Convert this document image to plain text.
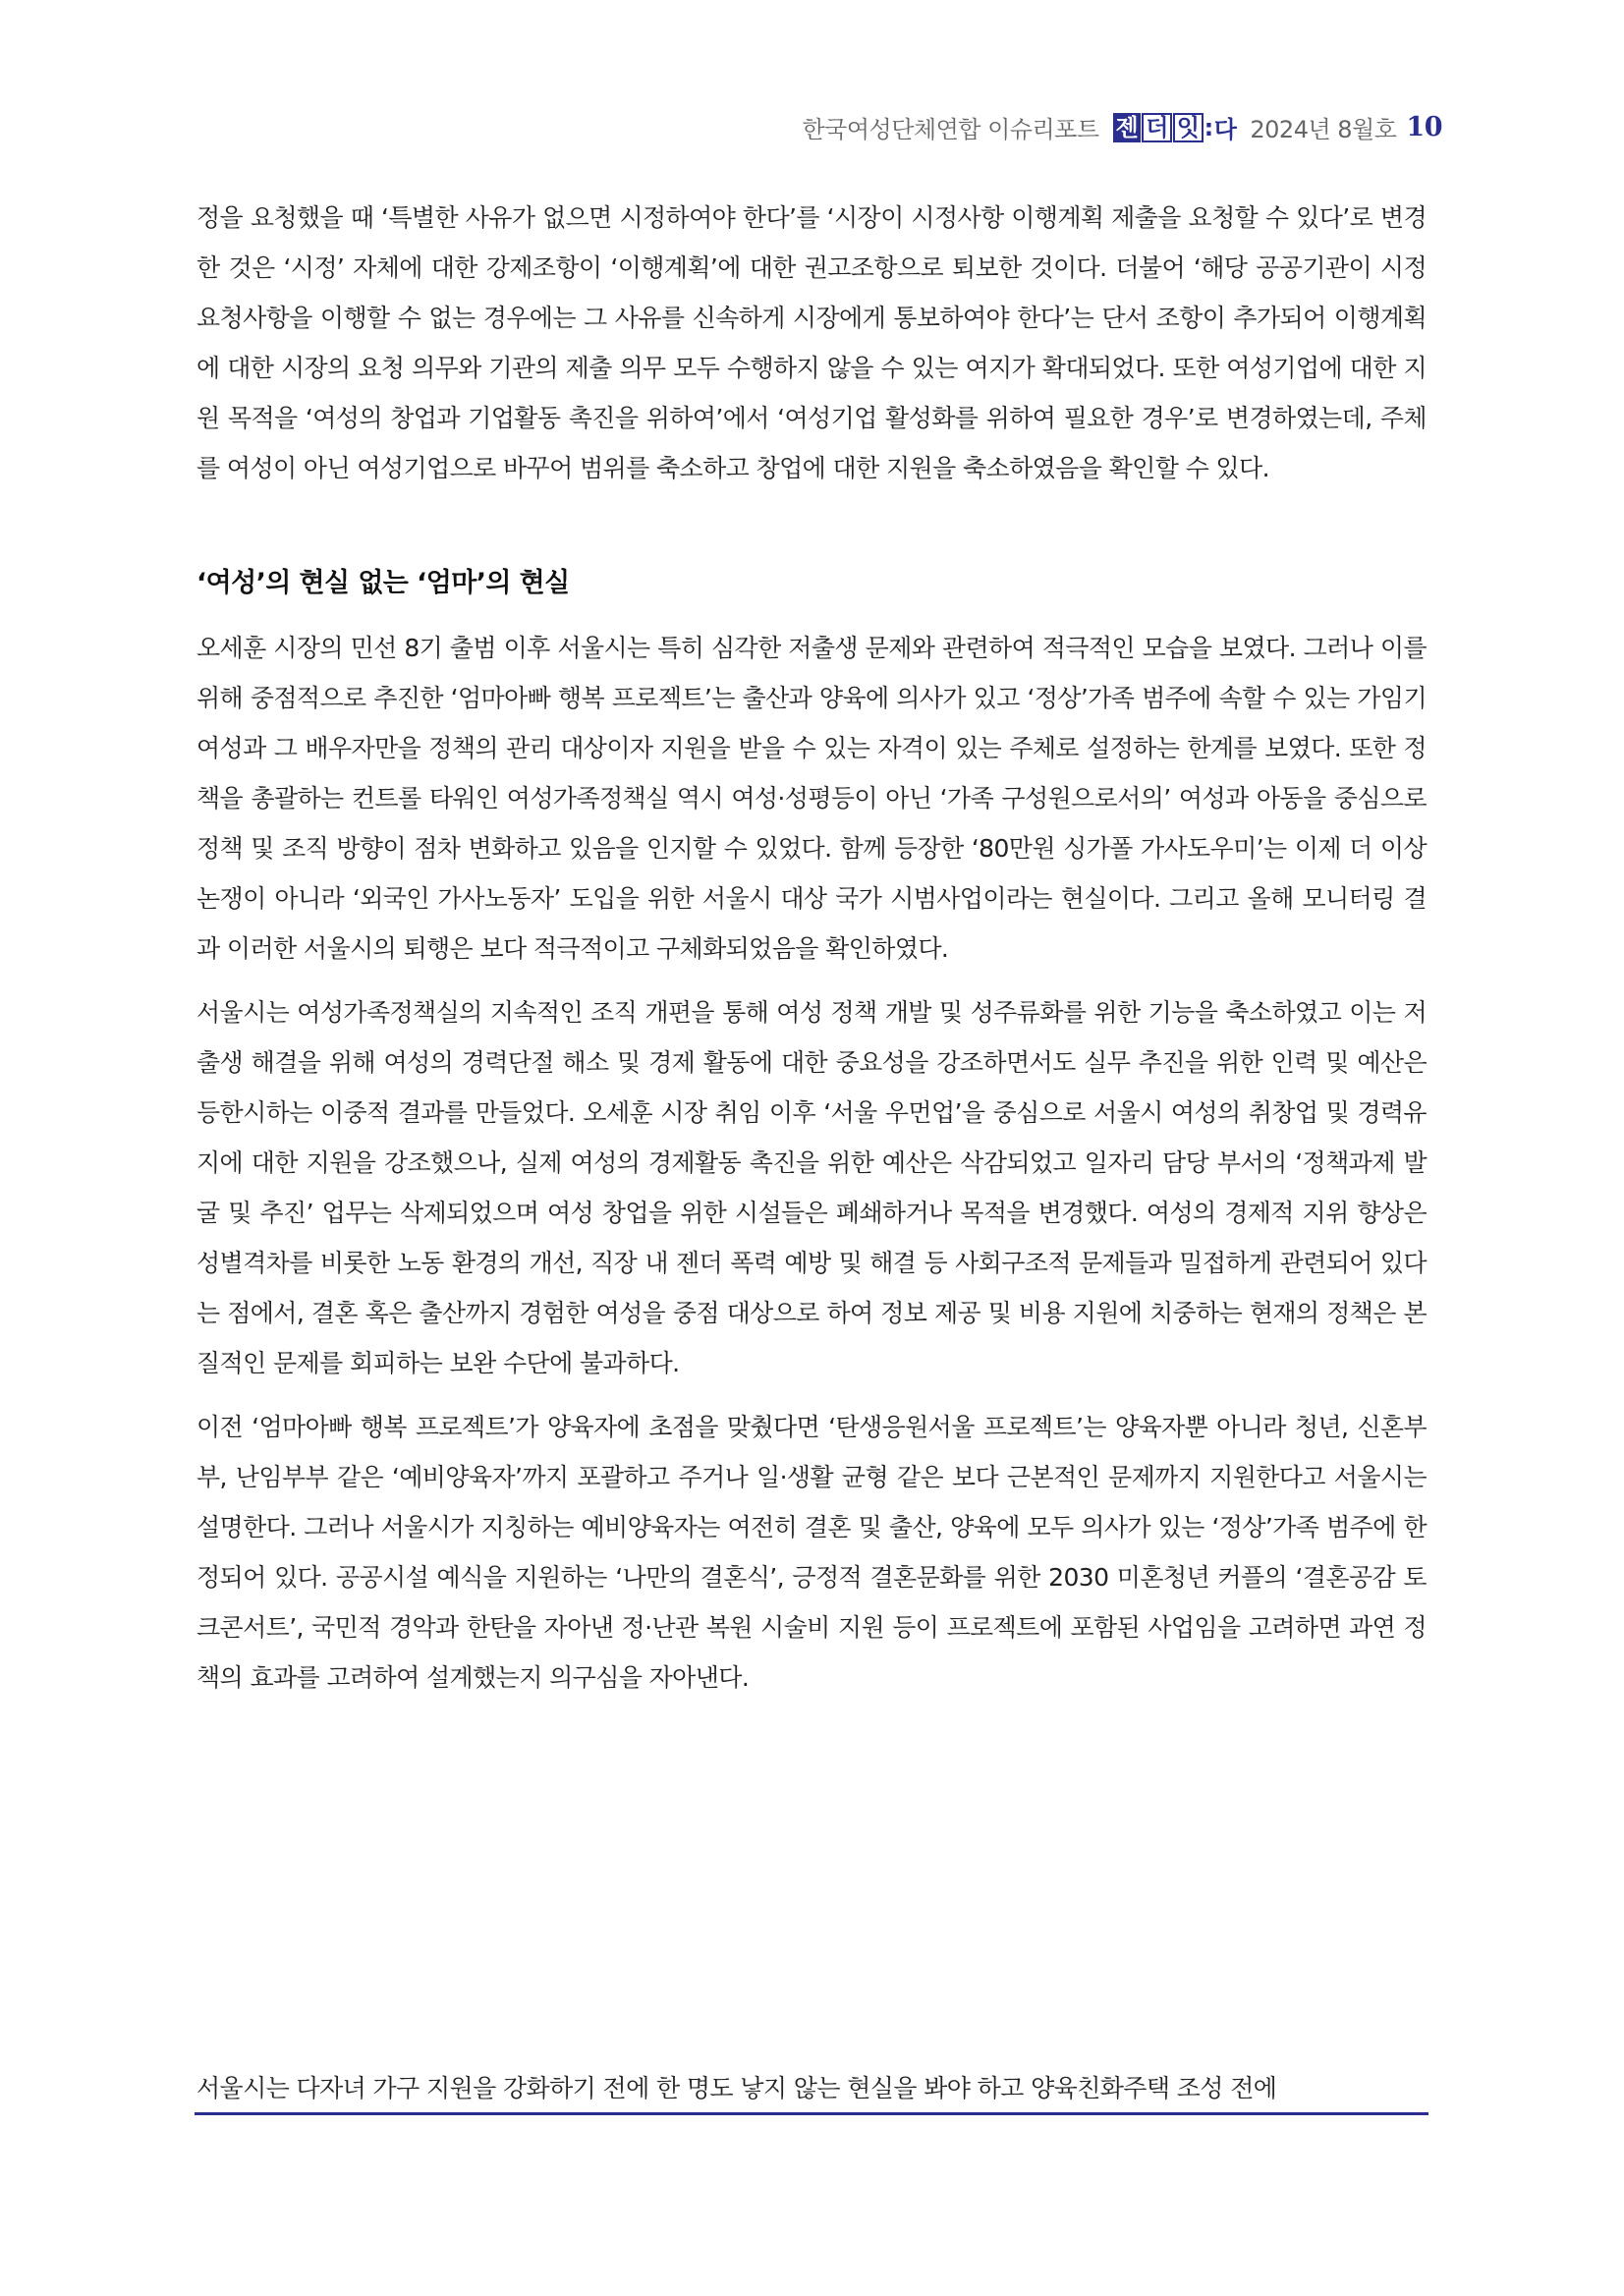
한국여성단체연합 이슈리포트 젠 더 잇 : 다 2024년 8월호 10

정을 요청했을 때 ‘특별한 사유가 없으면 시정하여야 한다’를 ‘시장이 시정사항 이행계획 제출을 요청할 수 있다’로 변경한 것은 ‘시정’ 자체에 대한 강제조항이 ‘이행계획’에 대한 권고조항으로 퇴보한 것이다. 더불어 ‘해당 공공기관이 시정 요청사항을 이행할 수 없는 경우에는 그 사유를 신속하게 시장에게 통보하여야 한다’는 단서 조항이 추가되어 이행계획에 대한 시장의 요청 의무와 기관의 제출 의무 모두 수행하지 않을 수 있는 여지가 확대되었다. 또한 여성기업에 대한 지원 목적을 ‘여성의 창업과 기업활동 촉진을 위하여’에서 ‘여성기업 활성화를 위하여 필요한 경우’로 변경하였는데, 주체를 여성이 아닌 여성기업으로 바꾸어 범위를 축소하고 창업에 대한 지원을 축소하였음을 확인할 수 있다.

‘여성’의 현실 없는 ‘엄마’의 현실

오세훈 시장의 민선 8기 출범 이후 서울시는 특히 심각한 저출생 문제와 관련하여 적극적인 모습을 보였다. 그러나 이를 위해 중점적으로 추진한 ‘엄마아빠 행복 프로젝트’는 출산과 양육에 의사가 있고 ‘정상’가족 범주에 속할 수 있는 가임기 여성과 그 배우자만을 정책의 관리 대상이자 지원을 받을 수 있는 자격이 있는 주체로 설정하는 한계를 보였다. 또한 정책을 총괄하는 컨트롤 타워인 여성가족정책실 역시 여성·성평등이 아닌 ‘가족 구성원으로서의’ 여성과 아동을 중심으로 정책 및 조직 방향이 점차 변화하고 있음을 인지할 수 있었다. 함께 등장한 ‘80만원 싱가폴 가사도우미’는 이제 더 이상 논쟁이 아니라 ‘외국인 가사노동자’ 도입을 위한 서울시 대상 국가 시범사업이라는 현실이다. 그리고 올해 모니터링 결과 이러한 서울시의 퇴행은 보다 적극적이고 구체화되었음을 확인하였다.

서울시는 여성가족정책실의 지속적인 조직 개편을 통해 여성 정책 개발 및 성주류화를 위한 기능을 축소하였고 이는 저출생 해결을 위해 여성의 경력단절 해소 및 경제 활동에 대한 중요성을 강조하면서도 실무 추진을 위한 인력 및 예산은 등한시하는 이중적 결과를 만들었다. 오세훈 시장 취임 이후 ‘서울 우먼업’을 중심으로 서울시 여성의 취창업 및 경력유지에 대한 지원을 강조했으나, 실제 여성의 경제활동 촉진을 위한 예산은 삭감되었고 일자리 담당 부서의 ‘정책과제 발굴 및 추진’ 업무는 삭제되었으며 여성 창업을 위한 시설들은 폐쇄하거나 목적을 변경했다. 여성의 경제적 지위 향상은 성별격차를 비롯한 노동 환경의 개선, 직장 내 젠더 폭력 예방 및 해결 등 사회구조적 문제들과 밀접하게 관련되어 있다는 점에서, 결혼 혹은 출산까지 경험한 여성을 중점 대상으로 하여 정보 제공 및 비용 지원에 치중하는 현재의 정책은 본질적인 문제를 회피하는 보완 수단에 불과하다.

이전 ‘엄마아빠 행복 프로젝트’가 양육자에 초점을 맞췄다면 ‘탄생응원서울 프로젝트’는 양육자뿐 아니라 청년, 신혼부부, 난임부부 같은 ‘예비양육자’까지 포괄하고 주거나 일·생활 균형 같은 보다 근본적인 문제까지 지원한다고 서울시는 설명한다. 그러나 서울시가 지칭하는 예비양육자는 여전히 결혼 및 출산, 양육에 모두 의사가 있는 ‘정상’가족 범주에 한정되어 있다. 공공시설 예식을 지원하는 ‘나만의 결혼식’, 긍정적 결혼문화를 위한 2030 미혼청년 커플의 ‘결혼공감 토크콘서트’, 국민적 경악과 한탄을 자아낸 정·난관 복원 시술비 지원 등이 프로젝트에 포함된 사업임을 고려하면 과연 정책의 효과를 고려하여 설계했는지 의구심을 자아낸다.

서울시는 다자녀 가구 지원을 강화하기 전에 한 명도 낳지 않는 현실을 봐야 하고 양육친화주택 조성 전에
